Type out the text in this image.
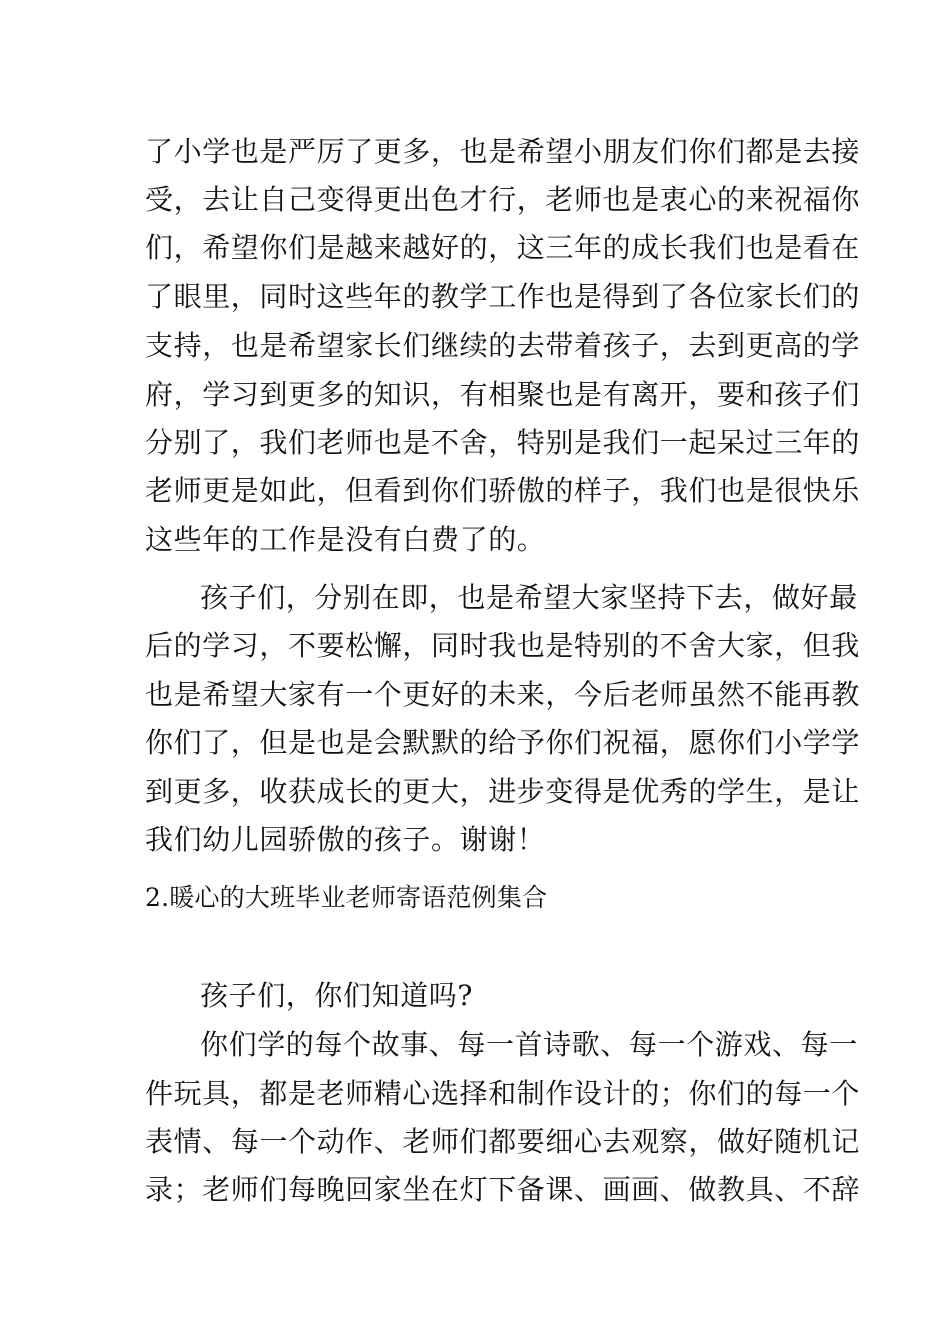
了小学也是严厉了更多，也是希望小朋友们你们都是去接

受，去让自己变得更出色才行，老师也是衷心的来祝福你

们，希望你们是越来越好的，这三年的成长我们也是看在

了眼里，同时这些年的教学工作也是得到了各位家长们的

支持，也是希望家长们继续的去带着孩子，去到更高的学

府，学习到更多的知识，有相聚也是有离开，要和孩子们

分别了，我们老师也是不舍，特别是我们一起呆过三年的

老师更是如此，但看到你们骄傲的样子，我们也是很快乐

这些年的工作是没有白费了的。

孩子们，分别在即，也是希望大家坚持下去，做好最

后的学习，不要松懈，同时我也是特别的不舍大家，但我

也是希望大家有一个更好的未来，今后老师虽然不能再教

你们了，但是也是会默默的给予你们祝福，愿你们小学学

到更多，收获成长的更大，进步变得是优秀的学生，是让

我们幼儿园骄傲的孩子。谢谢！

2.暖心的大班毕业老师寄语范例集合

孩子们，你们知道吗?

你们学的每个故事、每一首诗歌、每一个游戏、每一

件玩具，都是老师精心选择和制作设计的；你们的每一个

表情、每一个动作、老师们都要细心去观察，做好随机记

录；老师们每晚回家坐在灯下备课、画画、做教具、不辞
